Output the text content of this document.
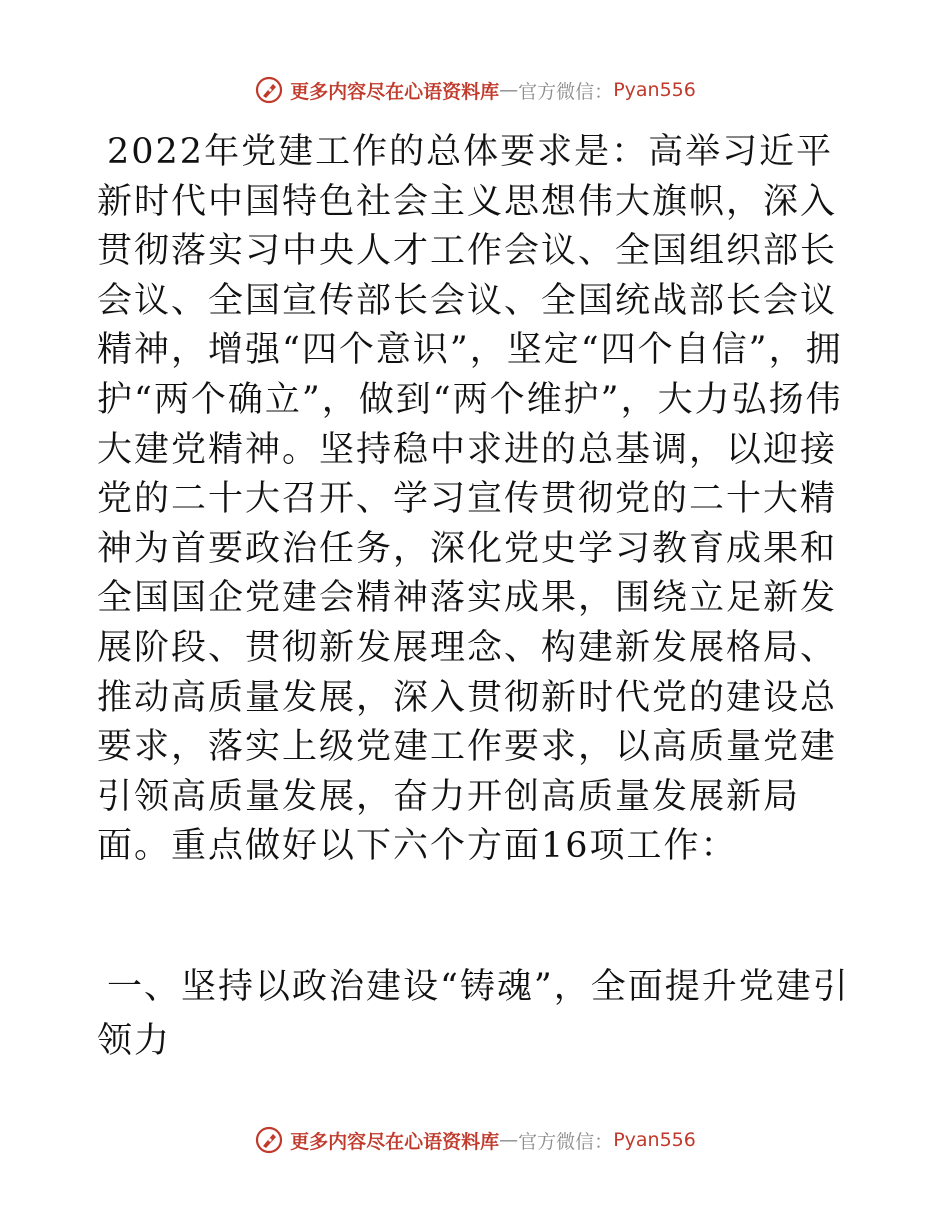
更多内容尽在心语资料库 — 官方微信： Pyan556

2022年党建工作的总体要求是：高举习近平新时代中国特色社会主义思想伟大旗帜，深入贯彻落实习中央人才工作会议、全国组织部长会议、全国宣传部长会议、全国统战部长会议精神，增强“四个意识”，坚定“四个自信”，拥护“两个确立”，做到“两个维护”，大力弘扬伟大建党精神。坚持稳中求进的总基调，以迎接党的二十大召开、学习宣传贯彻党的二十大精神为首要政治任务，深化党史学习教育成果和全国国企党建会精神落实成果，围绕立足新发展阶段、贯彻新发展理念、构建新发展格局、推动高质量发展，深入贯彻新时代党的建设总要求，落实上级党建工作要求，以高质量党建引领高质量发展，奋力开创高质量发展新局面。重点做好以下六个方面16项工作：

一、坚持以政治建设“铸魂”，全面提升党建引领力

更多内容尽在心语资料库 — 官方微信： Pyan556
